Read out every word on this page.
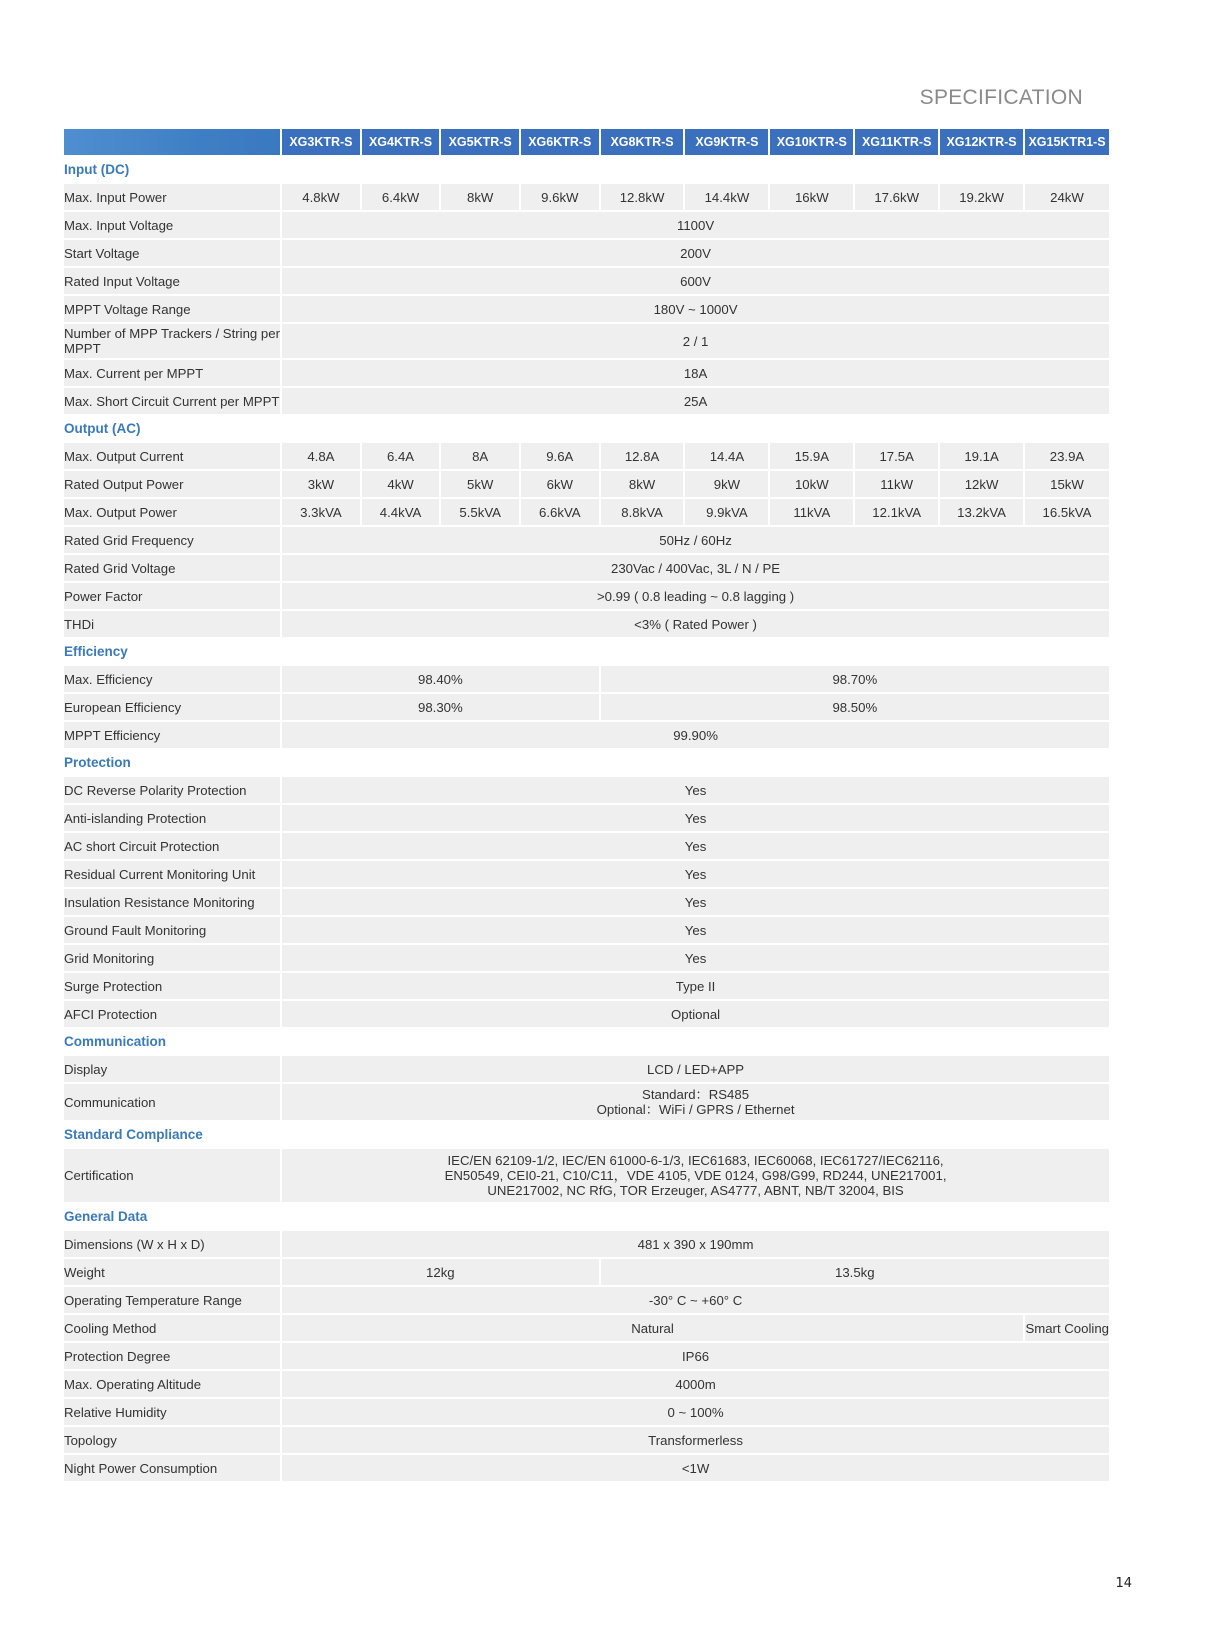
SPECIFICATION
	XG3KTR-S	XG4KTR-S	XG5KTR-S	XG6KTR-S	XG8KTR-S	XG9KTR-S	XG10KTR-S	XG11KTR-S	XG12KTR-S	XG15KTR1-S
Input (DC)										
Max. Input Power	4.8kW	6.4kW	8kW	9.6kW	12.8kW	14.4kW	16kW	17.6kW	19.2kW	24kW
Max. Input Voltage	1100V									
Start Voltage	200V									
Rated Input Voltage	600V									
MPPT Voltage Range	180V ~ 1000V									
Number of MPP Trackers / String per MPPT	2 / 1									
Max. Current per MPPT	18A									
Max. Short Circuit Current per MPPT	25A									
Output (AC)										
Max. Output Current	4.8A	6.4A	8A	9.6A	12.8A	14.4A	15.9A	17.5A	19.1A	23.9A
Rated Output Power	3kW	4kW	5kW	6kW	8kW	9kW	10kW	11kW	12kW	15kW
Max. Output Power	3.3kVA	4.4kVA	5.5kVA	6.6kVA	8.8kVA	9.9kVA	11kVA	12.1kVA	13.2kVA	16.5kVA
Rated Grid Frequency	50Hz / 60Hz									
Rated Grid Voltage	230Vac / 400Vac, 3L / N / PE									
Power Factor	>0.99 ( 0.8 leading ~ 0.8 lagging )									
THDi	<3% ( Rated Power )									
Efficiency										
Max. Efficiency	98.40%				98.70%					
European Efficiency	98.30%				98.50%					
MPPT Efficiency	99.90%									
Protection										
DC Reverse Polarity Protection	Yes									
Anti-islanding Protection	Yes									
AC short Circuit Protection	Yes									
Residual Current Monitoring Unit	Yes									
Insulation Resistance Monitoring	Yes									
Ground Fault Monitoring	Yes									
Grid Monitoring	Yes									
Surge Protection	Type II									
AFCI Protection	Optional									
Communication										
Display	LCD / LED+APP									
Communication	Standard：RS485
Optional：WiFi / GPRS / Ethernet									

Standard Compliance										
Certification	IEC/EN 62109-1/2, IEC/EN 61000-6-1/3, IEC61683, IEC60068, IEC61727/IEC62116,
EN50549, CEI0-21, C10/C11，VDE 4105, VDE 0124, G98/G99, RD244, UNE217001,
UNE217002, NC RfG, TOR Erzeuger, AS4777, ABNT, NB/T 32004, BIS									

General Data										
Dimensions (W x H x D)	481 x 390 x 190mm									
Weight	12kg				13.5kg					
Operating Temperature Range	-30° C ~ +60° C									
Cooling Method	Natural									Smart Cooling
Protection Degree	IP66									
Max. Operating Altitude	4000m									
Relative Humidity	0 ~ 100%									
Topology	Transformerless									
Night Power Consumption	<1W									
14
